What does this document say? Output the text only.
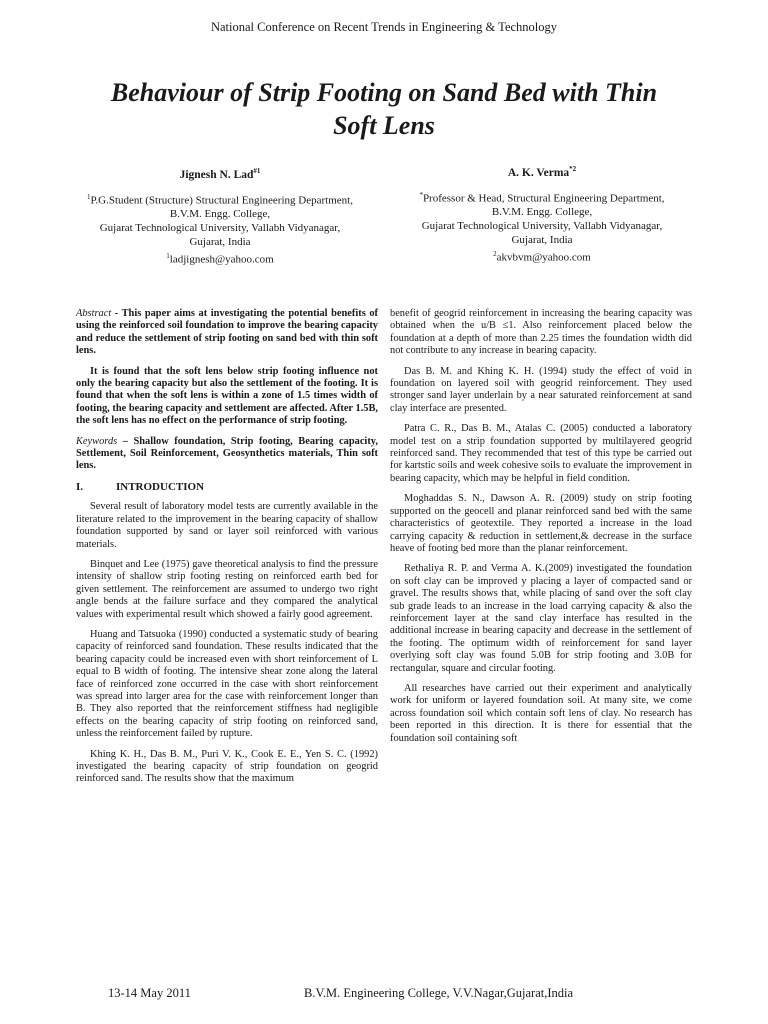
National Conference on Recent Trends in Engineering & Technology
Behaviour of Strip Footing on Sand Bed with Thin
Soft Lens
Jignesh N. Lad$^{\#1}$
$^1$P.G.Student (Structure) Structural Engineering Department,
B.V.M. Engg. College,
Gujarat Technological University, Vallabh Vidyanagar,
Gujarat, India
$^1$ladjignesh@yahoo.com
A. K. Verma$^{*2}$
*Professor & Head, Structural Engineering Department,
B.V.M. Engg. College,
Gujarat Technological University, Vallabh Vidyanagar,
Gujarat, India
$^2$akvbvm@yahoo.com

Abstract - This paper aims at investigating the potential benefits of using the reinforced soil foundation to improve the bearing capacity and reduce the settlement of strip footing on sand bed with thin soft lens.

It is found that the soft lens below strip footing influence not only the bearing capacity but also the settlement of the footing. It is found that when the soft lens is within a zone of 1.5 times width of footing, the bearing capacity and settlement are affected. After 1.5B, the soft lens has no effect on the performance of strip footing.

Keywords – Shallow foundation, Strip footing, Bearing capacity, Settlement, Soil Reinforcement, Geosynthetics materials, Thin soft lens.

I.	INTRODUCTION

Several result of laboratory model tests are currently available in the literature related to the improvement in the bearing capacity of shallow foundation supported by sand or layer soil reinforced with various materials.

Binquet and Lee (1975) gave theoretical analysis to find the pressure intensity of shallow strip footing resting on reinforced earth bed for given settlement. The reinforcement are assumed to undergo two right angle bends at the failure surface and they compared the analytical values with experimental result which showed a fairly good agreement.

Huang and Tatsuoka (1990) conducted a systematic study of bearing capacity of reinforced sand foundation. These results indicated that the bearing capacity could be increased even with short reinforcement of L equal to B width of footing. The intensive shear zone along the lateral face of reinforced zone occurred in the case with short reinforcement was spread into larger area for the case with reinforcement longer than B. They also reported that the reinforcement stiffness had negligible effects on the bearing capacity of strip footing on reinforced sand, unless the reinforcement failed by rupture.

Khing K. H., Das B. M., Puri V. K., Cook E. E., Yen S. C. (1992) investigated the bearing capacity of strip foundation on geogrid reinforced sand. The results show that the maximum

benefit of geogrid reinforcement in increasing the bearing capacity was obtained when the u/B ≤1. Also reinforcement placed below the foundation at a depth of more than 2.25 times the foundation width did not contribute to any increase in bearing capacity.

Das B. M. and Khing K. H. (1994) study the effect of void in foundation on layered soil with geogrid reinforcement. They used stronger sand layer underlain by a near saturated reinforcement at sand clay interface are presented.

Patra C. R., Das B. M., Atalas C. (2005) conducted a laboratory model test on a strip foundation supported by multilayered geogrid reinforced sand. They recommended that test of this type be carried out for kartstic soils and week cohesive soils to evaluate the improvement in bearing capacity, which may be helpful in field condition.

Moghaddas S. N., Dawson A. R. (2009) study on strip footing supported on the geocell and planar reinforced sand bed with the same characteristics of geotextile. They reported a increase in the load carrying capacity & reduction in settlement,& decrease in the surface heave of footing bed more than the planar reinforcement.

Rethaliya R. P. and Verma A. K.(2009) investigated the foundation on soft clay can be improved y placing a layer of compacted sand or gravel. The results shows that, while placing of sand over the soft clay sub grade leads to an increase in the load carrying capacity & also the reinforcement layer at the sand clay interface has resulted in the additional increase in bearing capacity and decrease in the settlement of the footing. The optimum width of reinforcement for sand layer overlying soft clay was found 5.0B for strip footing and 3.0B for rectangular, square and circular footing.

All researches have carried out their experiment and analytically work for uniform or layered foundation soil. At many site, we come across foundation soil which contain soft lens of clay. No research has been reported in this direction. It is there for essential that the foundation soil containing soft

13-14 May 2011	B.V.M. Engineering College, V.V.Nagar,Gujarat,India
